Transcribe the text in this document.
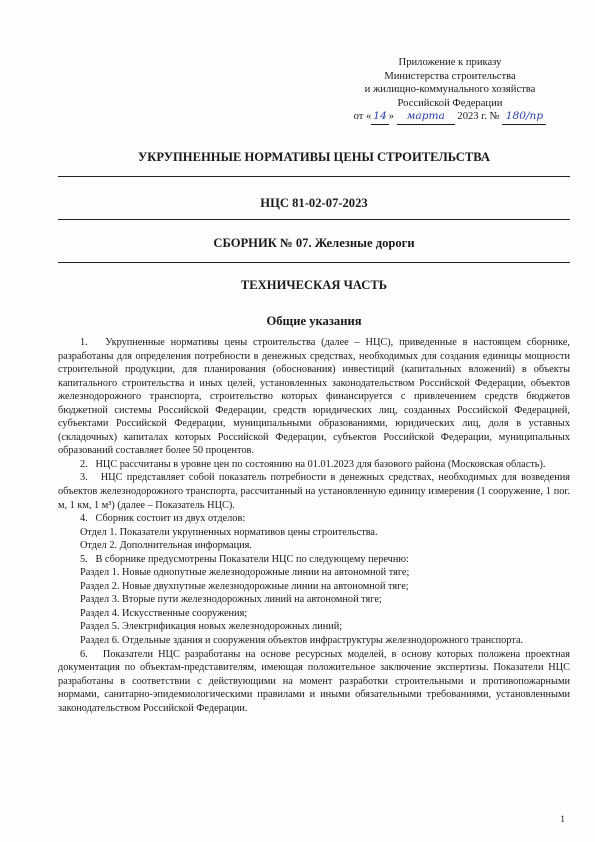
Приложение к приказу
Министерства строительства
и жилищно-коммунального хозяйства
Российской Федерации
от « 14 » марта 2023 г. № 180/пр
УКРУПНЕННЫЕ НОРМАТИВЫ ЦЕНЫ СТРОИТЕЛЬСТВА
НЦС 81-02-07-2023
СБОРНИК № 07. Железные дороги
ТЕХНИЧЕСКАЯ ЧАСТЬ
Общие указания

1.   Укрупненные нормативы цены строительства (далее – НЦС), приведенные в настоящем сборнике, разработаны для определения потребности в денежных средствах, необходимых для создания единицы мощности строительной продукции, для планирования (обоснования) инвестиций (капитальных вложений) в объекты капитального строительства и иных целей, установленных законодательством Российской Федерации, объектов железнодорожного транспорта, строительство которых финансируется с привлечением средств бюджетов бюджетной системы Российской Федерации, средств юридических лиц, созданных Российской Федерацией, субъектами Российской Федерации, муниципальными образованиями, юридических лиц, доля в уставных (складочных) капиталах которых Российской Федерации, субъектов Российской Федерации, муниципальных образований составляет более 50 процентов.

2.   НЦС рассчитаны в уровне цен по состоянию на 01.01.2023 для базового района (Московская область).

3.   НЦС представляет собой показатель потребности в денежных средствах, необходимых для возведения объектов железнодорожного транспорта, рассчитанный на установленную единицу измерения (1 сооружение, 1 пог. м, 1 км, 1 м³) (далее – Показатель НЦС).

4.   Сборник состоит из двух отделов:

Отдел 1. Показатели укрупненных нормативов цены строительства.

Отдел 2. Дополнительная информация.

5.   В сборнике предусмотрены Показатели НЦС по следующему перечню:

Раздел 1. Новые однопутные железнодорожные линии на автономной тяге;

Раздел 2. Новые двухпутные железнодорожные линии на автономной тяге;

Раздел 3. Вторые пути железнодорожных линий на автономной тяге;

Раздел 4. Искусственные сооружения;

Раздел 5. Электрификация новых железнодорожных линий;

Раздел 6. Отдельные здания и сооружения объектов инфраструктуры железнодорожного транспорта.

6.   Показатели НЦС разработаны на основе ресурсных моделей, в основу которых положена проектная документация по объектам-представителям, имеющая положительное заключение экспертизы. Показатели НЦС разработаны в соответствии с действующими на момент разработки строительными и противопожарными нормами, санитарно-эпидемиологическими правилами и иными обязательными требованиями, установленными законодательством Российской Федерации.

1
